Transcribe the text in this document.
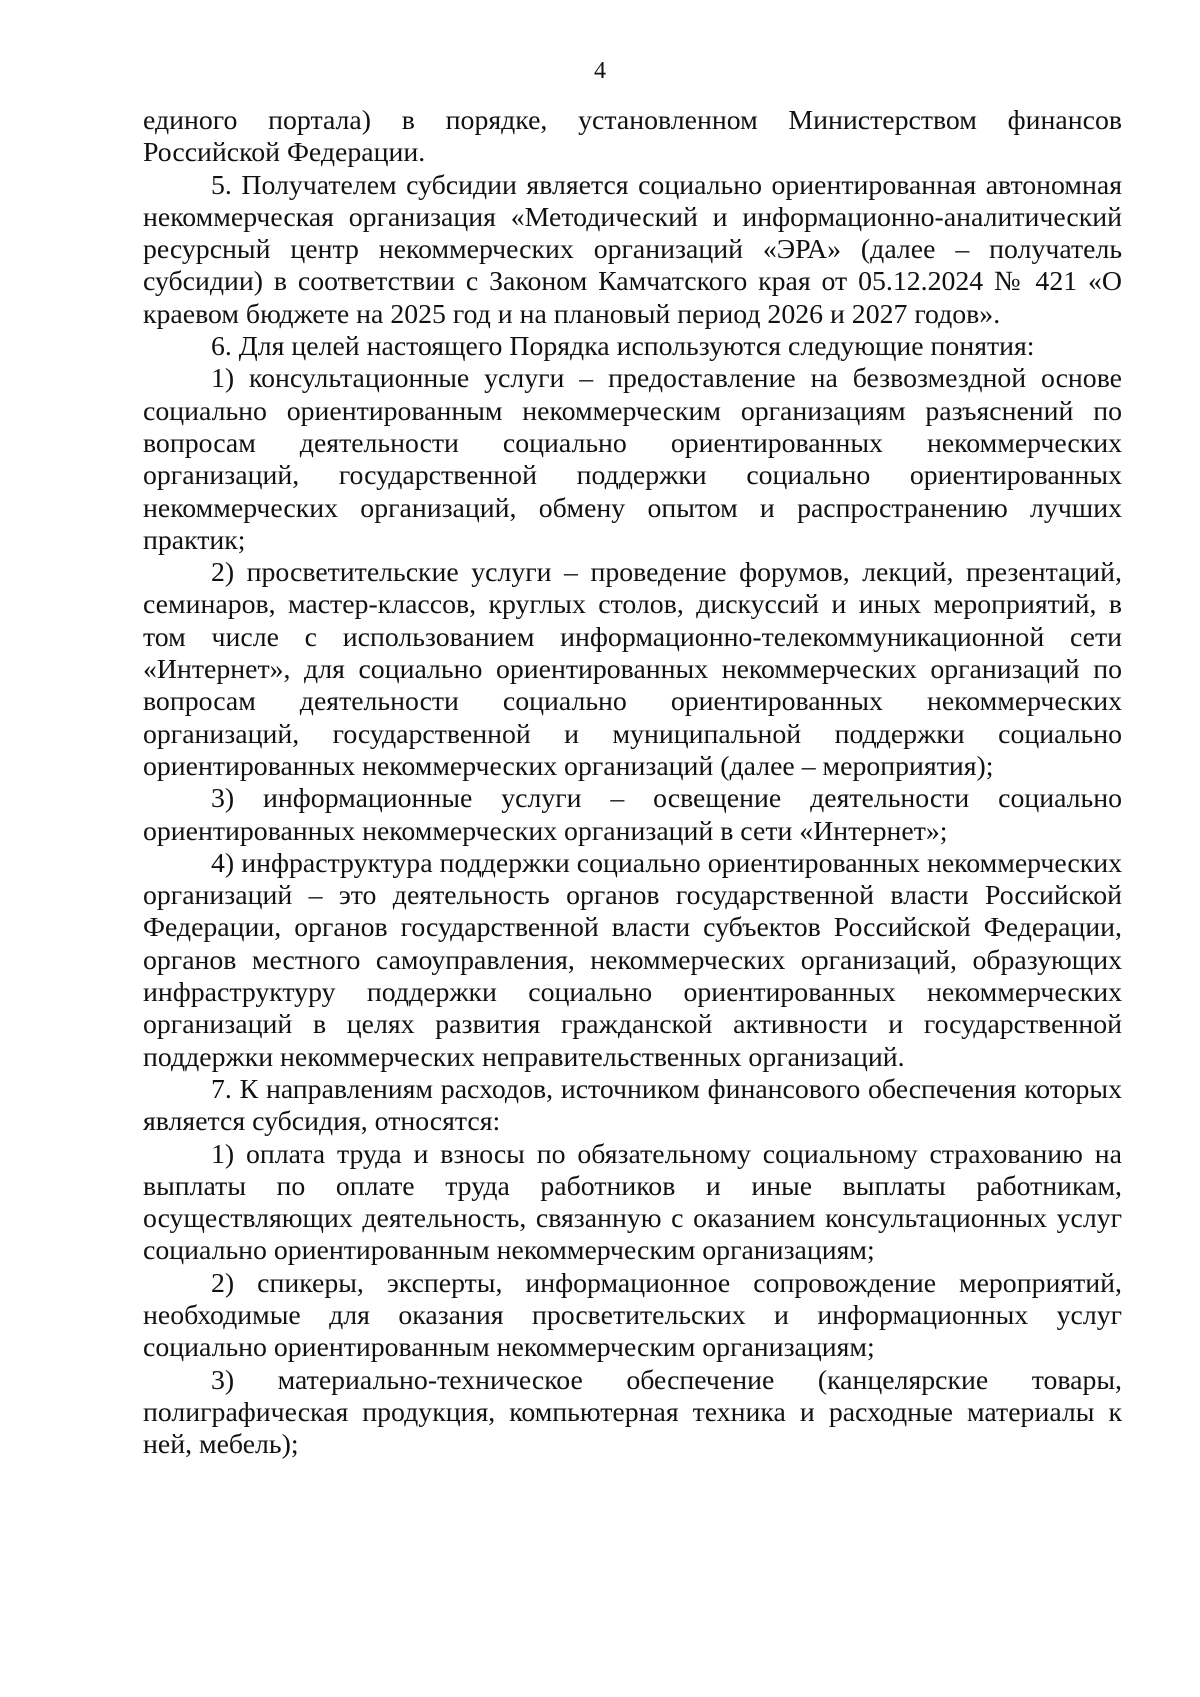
4

единого портала) в порядке, установленном Министерством финансов Российской Федерации.

5. Получателем субсидии является социально ориентированная автономная некоммерческая организация «Методический и информационно-аналитический ресурсный центр некоммерческих организаций «ЭРА» (далее – получатель субсидии) в соответствии с Законом Камчатского края от 05.12.2024 № 421 «О краевом бюджете на 2025 год и на плановый период 2026 и 2027 годов».

6. Для целей настоящего Порядка используются следующие понятия:

1) консультационные услуги – предоставление на безвозмездной основе социально ориентированным некоммерческим организациям разъяснений по вопросам деятельности социально ориентированных некоммерческих организаций, государственной поддержки социально ориентированных некоммерческих организаций, обмену опытом и распространению лучших практик;

2) просветительские услуги – проведение форумов, лекций, презентаций, семинаров, мастер-классов, круглых столов, дискуссий и иных мероприятий, в том числе с использованием информационно-телекоммуникационной сети «Интернет», для социально ориентированных некоммерческих организаций по вопросам деятельности социально ориентированных некоммерческих организаций, государственной и муниципальной поддержки социально ориентированных некоммерческих организаций (далее – мероприятия);

3) информационные услуги – освещение деятельности социально ориентированных некоммерческих организаций в сети «Интернет»;

4) инфраструктура поддержки социально ориентированных некоммерческих организаций – это деятельность органов государственной власти Российской Федерации, органов государственной власти субъектов Российской Федерации, органов местного самоуправления, некоммерческих организаций, образующих инфраструктуру поддержки социально ориентированных некоммерческих организаций в целях развития гражданской активности и государственной поддержки некоммерческих неправительственных организаций.

7. К направлениям расходов, источником финансового обеспечения которых является субсидия, относятся:

1) оплата труда и взносы по обязательному социальному страхованию на выплаты по оплате труда работников и иные выплаты работникам, осуществляющих деятельность, связанную с оказанием консультационных услуг социально ориентированным некоммерческим организациям;

2) спикеры, эксперты, информационное сопровождение мероприятий, необходимые для оказания просветительских и информационных услуг социально ориентированным некоммерческим организациям;

3) материально-техническое обеспечение (канцелярские товары, полиграфическая продукция, компьютерная техника и расходные материалы к ней, мебель);
